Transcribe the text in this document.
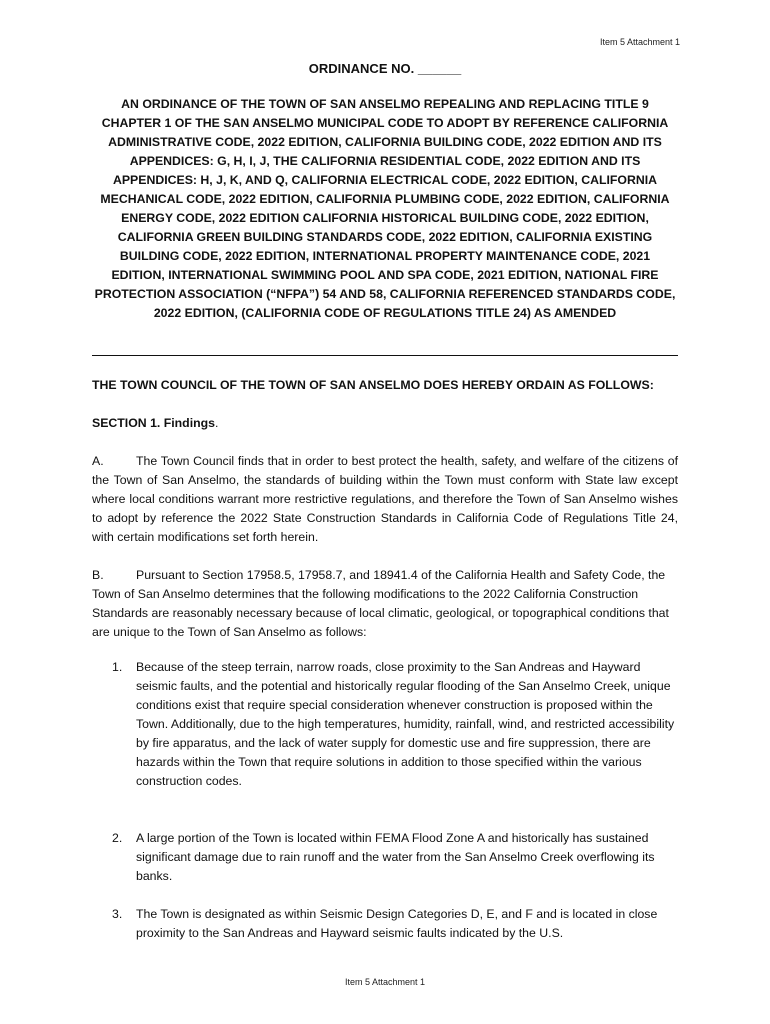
Item 5 Attachment 1
ORDINANCE NO. ______
AN ORDINANCE OF THE TOWN OF SAN ANSELMO REPEALING AND REPLACING TITLE 9 CHAPTER 1 OF THE SAN ANSELMO MUNICIPAL CODE TO ADOPT BY REFERENCE CALIFORNIA ADMINISTRATIVE CODE, 2022 EDITION, CALIFORNIA BUILDING CODE, 2022 EDITION AND ITS APPENDICES: G, H, I, J, THE CALIFORNIA RESIDENTIAL CODE, 2022 EDITION AND ITS APPENDICES: H, J, K, AND Q, CALIFORNIA ELECTRICAL CODE, 2022 EDITION, CALIFORNIA MECHANICAL CODE, 2022 EDITION, CALIFORNIA PLUMBING CODE, 2022 EDITION, CALIFORNIA ENERGY CODE, 2022 EDITION CALIFORNIA HISTORICAL BUILDING CODE, 2022 EDITION, CALIFORNIA GREEN BUILDING STANDARDS CODE, 2022 EDITION, CALIFORNIA EXISTING BUILDING CODE, 2022 EDITION, INTERNATIONAL PROPERTY MAINTENANCE CODE, 2021 EDITION, INTERNATIONAL SWIMMING POOL AND SPA CODE, 2021 EDITION, NATIONAL FIRE PROTECTION ASSOCIATION (“NFPA”) 54 AND 58, CALIFORNIA REFERENCED STANDARDS CODE, 2022 EDITION, (CALIFORNIA CODE OF REGULATIONS TITLE 24) AS AMENDED
THE TOWN COUNCIL OF THE TOWN OF SAN ANSELMO DOES HEREBY ORDAIN AS FOLLOWS:
SECTION 1. Findings.
A.	The Town Council finds that in order to best protect the health, safety, and welfare of the citizens of the Town of San Anselmo, the standards of building within the Town must conform with State law except where local conditions warrant more restrictive regulations, and therefore the Town of San Anselmo wishes to adopt by reference the 2022 State Construction Standards in California Code of Regulations Title 24, with certain modifications set forth herein.
B.	Pursuant to Section 17958.5, 17958.7, and 18941.4 of the California Health and Safety Code, the Town of San Anselmo determines that the following modifications to the 2022 California Construction Standards are reasonably necessary because of local climatic, geological, or topographical conditions that are unique to the Town of San Anselmo as follows:
1. Because of the steep terrain, narrow roads, close proximity to the San Andreas and Hayward seismic faults, and the potential and historically regular flooding of the San Anselmo Creek, unique conditions exist that require special consideration whenever construction is proposed within the Town. Additionally, due to the high temperatures, humidity, rainfall, wind, and restricted accessibility by fire apparatus, and the lack of water supply for domestic use and fire suppression, there are hazards within the Town that require solutions in addition to those specified within the various construction codes.
2. A large portion of the Town is located within FEMA Flood Zone A and historically has sustained significant damage due to rain runoff and the water from the San Anselmo Creek overflowing its banks.
3. The Town is designated as within Seismic Design Categories D, E, and F and is located in close proximity to the San Andreas and Hayward seismic faults indicated by the U.S.
Item 5 Attachment 1
